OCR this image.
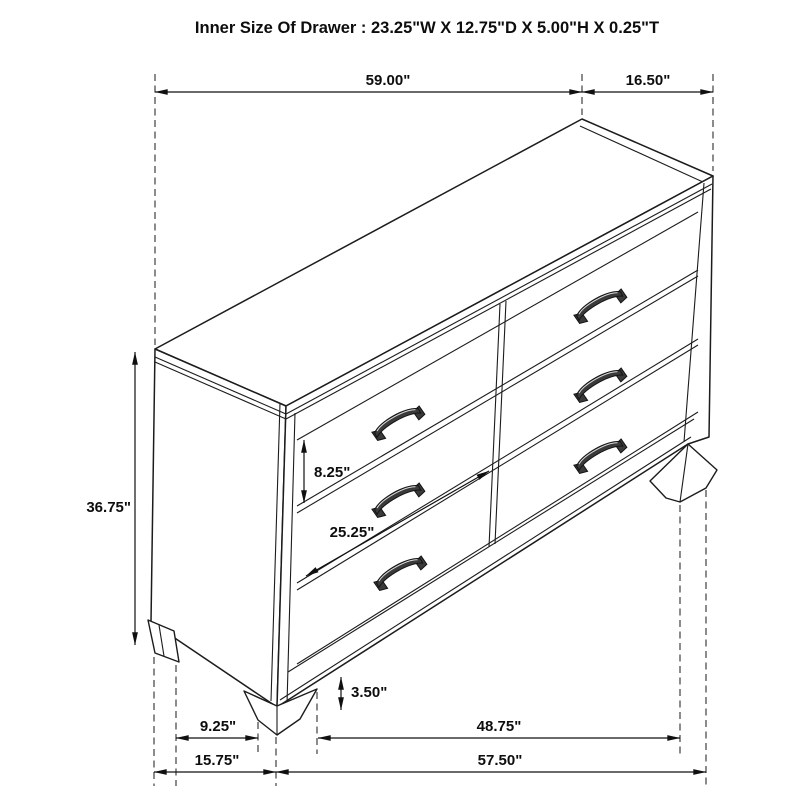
Inner Size Of Drawer : 23.25"W X 12.75"D X 5.00"H X 0.25"T
59.00"	16.50"
36.75"
8.25"
25.25"
3.50"
9.25"	48.75"
15.75"	57.50"
